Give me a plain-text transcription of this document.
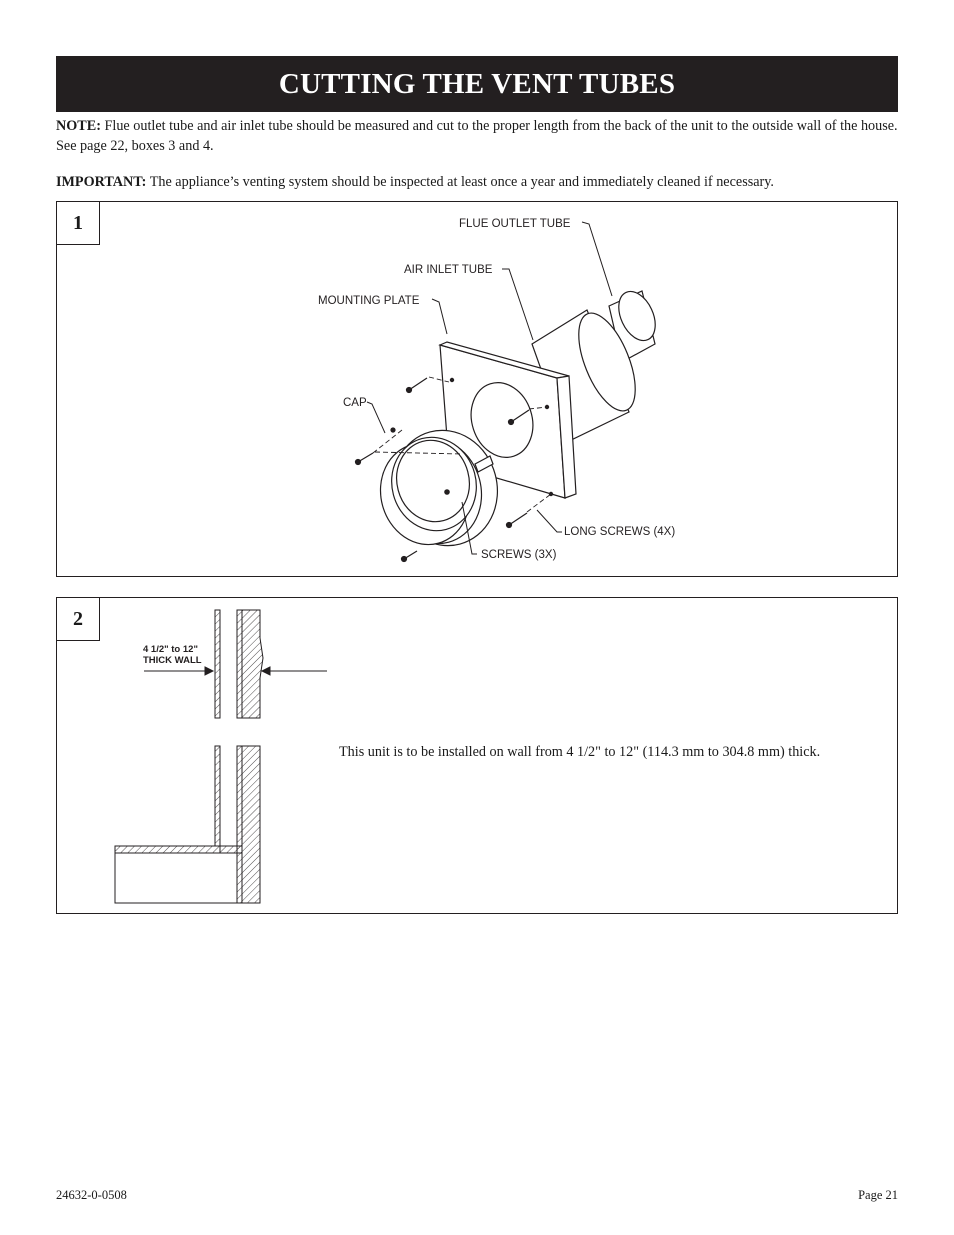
CUTTING THE VENT TUBES
NOTE: Flue outlet tube and air inlet tube should be measured and cut to the proper length from the back of the unit to the outside wall of the house. See page 22, boxes 3 and 4.
IMPORTANT: The appliance’s venting system should be inspected at least once a year and immediately cleaned if necessary.
1	FLUE OUTLET TUBE
AIR INLET TUBE
MOUNTING PLATE
CAP
LONG SCREWS (4X)
SCREWS (3X)
2
4 1/2" to 12"
THICK WALL
This unit is to be installed on wall from 4 1/2" to 12" (114.3 mm to 304.8 mm) thick.
24632-0-0508	Page 21
